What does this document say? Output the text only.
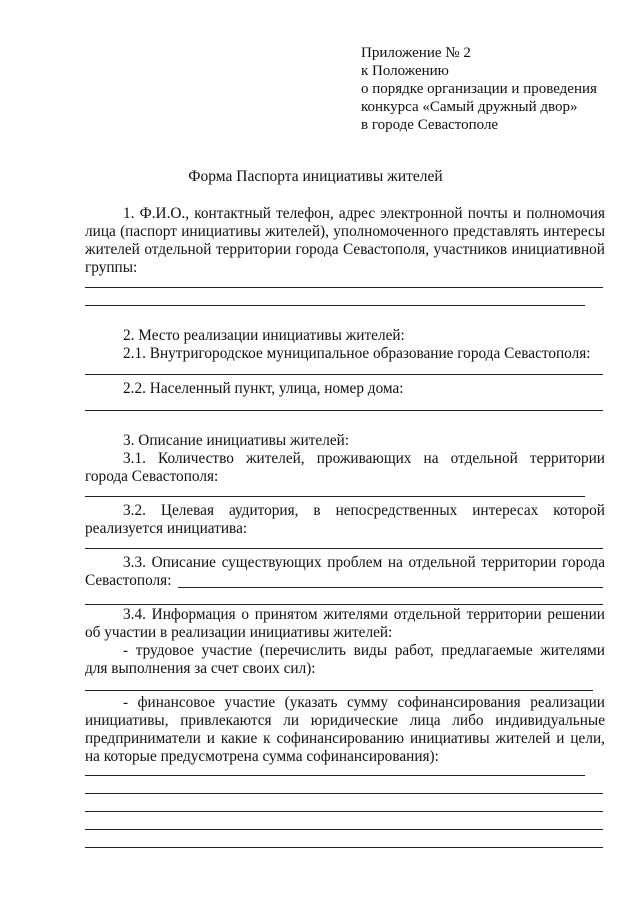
Приложение № 2
к Положению
о порядке организации и проведения
конкурса «Самый дружный двор»
в городе Севастополе
Форма Паспорта инициативы жителей
1. Ф.И.О., контактный телефон, адрес электронной почты и полномочия
лица (паспорт инициативы жителей), уполномоченного представлять интересы
жителей отдельной территории города Севастополя, участников инициативной
группы:
2. Место реализации инициативы жителей:
2.1. Внутригородское муниципальное образование города Севастополя:
2.2. Населенный пункт, улица, номер дома:
3. Описание инициативы жителей:
3.1. Количество жителей, проживающих на отдельной территории
города Севастополя:
3.2. Целевая аудитория, в непосредственных интересах которой
реализуется инициатива:
3.3. Описание существующих проблем на отдельной территории города
Севастополя:
3.4. Информация о принятом жителями отдельной территории решении
об участии в реализации инициативы жителей:
- трудовое участие (перечислить виды работ, предлагаемые жителями
для выполнения за счет своих сил):
- финансовое участие (указать сумму софинансирования реализации
инициативы, привлекаются ли юридические лица либо индивидуальные
предприниматели и какие к софинансированию инициативы жителей и цели,
на которые предусмотрена сумма софинансирования):
